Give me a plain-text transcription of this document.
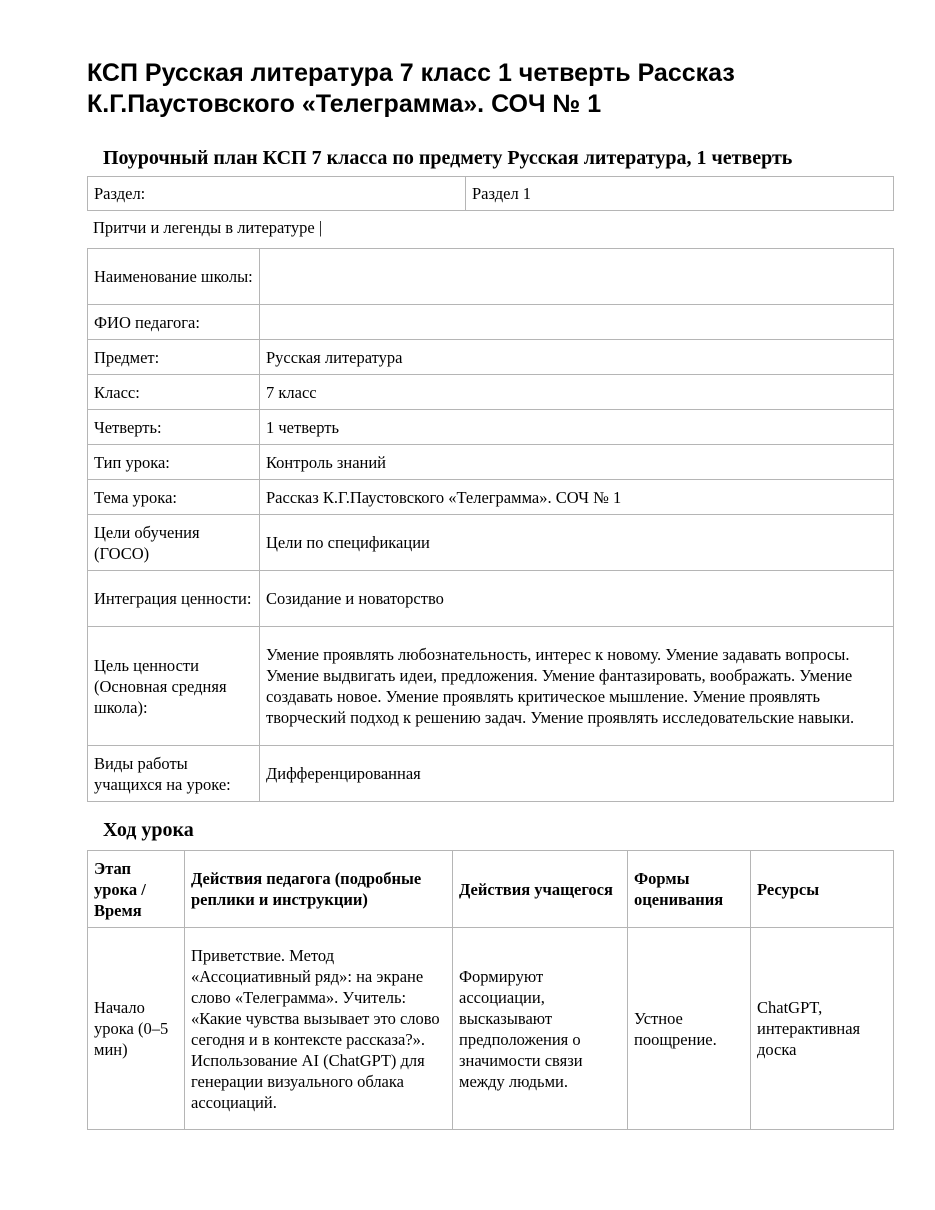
КСП Русская литература 7 класс 1 четверть Рассказ К.Г.Паустовского «Телеграмма». СОЧ № 1
Поурочный план КСП 7 класса по предмету Русская литература, 1 четверть
Раздел:	Раздел 1
Притчи и легенды в литературе |
Наименование школы:	
ФИО педагога:	
Предмет:	Русская литература
Класс:	7 класс
Четверть:	1 четверть
Тип урока:	Контроль знаний
Тема урока:	Рассказ К.Г.Паустовского «Телеграмма». СОЧ № 1
Цели обучения (ГОСО)	Цели по спецификации
Интеграция ценности:	Созидание и новаторство
Цель ценности (Основная средняя школа):	Умение проявлять любознательность, интерес к новому. Умение задавать вопросы. Умение выдвигать идеи, предложения. Умение фантазировать, воображать. Умение создавать новое. Умение проявлять критическое мышление. Умение проявлять творческий подход к решению задач. Умение проявлять исследовательские навыки.
Виды работы учащихся на уроке:	Дифференцированная
Ход урока
Этап урока / Время	Действия педагога (подробные реплики и инструкции)	Действия учащегося	Формы оценивания	Ресурсы
Начало урока (0–5 мин)	Приветствие. Метод «Ассоциативный ряд»: на экране слово «Телеграмма». Учитель: «Какие чувства вызывает это слово сегодня и в контексте рассказа?». Использование AI (ChatGPT) для генерации визуального облака ассоциаций.	Формируют ассоциации, высказывают предположения о значимости связи между людьми.	Устное поощрение.	ChatGPT, интерактивная доска
